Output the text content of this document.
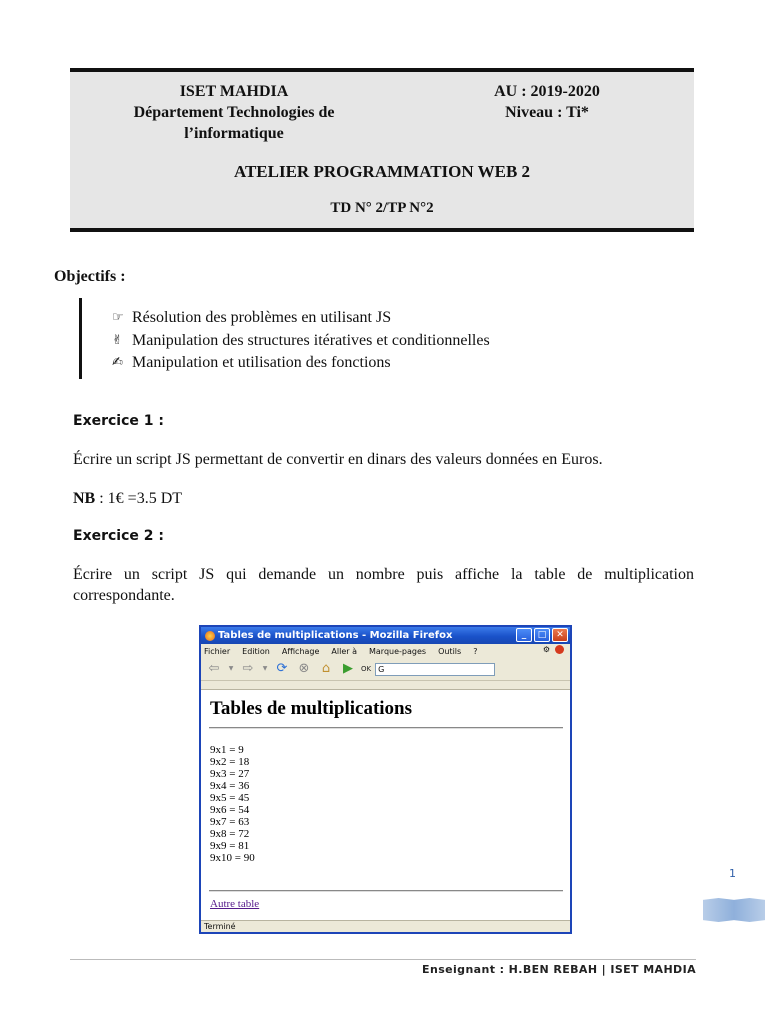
ISET MAHDIA
Département Technologies de
l’informatique
AU : 2019-2020
Niveau : Ti*
ATELIER PROGRAMMATION WEB 2
TD N° 2/TP N°2
Objectifs :
☞ Résolution des problèmes en utilisant JS
✌ Manipulation des structures itératives et conditionnelles
✍ Manipulation et utilisation des fonctions
Exercice 1 :
Écrire un script JS permettant de convertir en dinars des valeurs données en Euros.
NB : 1€ =3.5 DT
Exercice 2 :
Écrire un script JS qui demande un nombre puis affiche la table de multiplication correspondante.
Tables de multiplications - Mozilla Firefox	_	□	✕
Fichier Edition Affichage Aller à Marque-pages Outils ?	⚙
⇦	▼ ⇨	▼ ⟳ ⊗ ⌂ ▶	OK G
Tables de multiplications
9x1 = 9
9x2 = 18
9x3 = 27
9x4 = 36
9x5 = 45
9x6 = 54
9x7 = 63
9x8 = 72
9x9 = 81
9x10 = 90
Autre table
Terminé
1
Enseignant : H.BEN REBAH | ISET MAHDIA
